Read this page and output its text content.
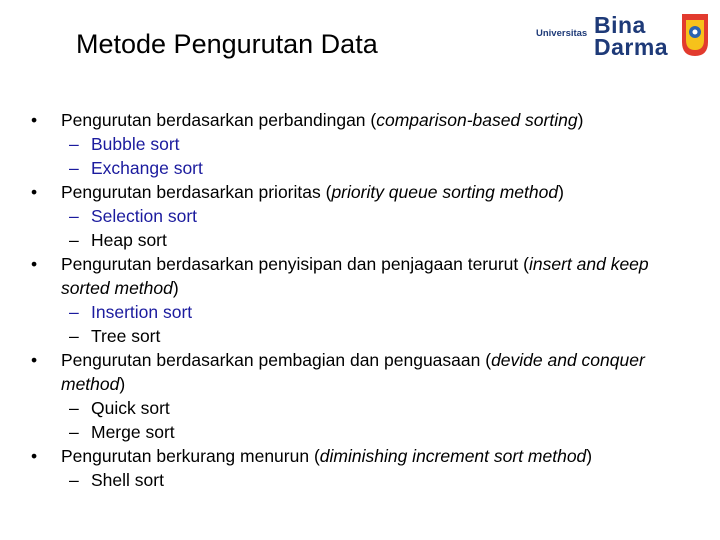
Metode Pengurutan Data	Universitas Bina
Darma
• Pengurutan berdasarkan perbandingan (comparison-based sorting)
– Bubble sort
– Exchange sort
• Pengurutan berdasarkan prioritas (priority queue sorting method)
– Selection sort
– Heap sort
• Pengurutan berdasarkan penyisipan dan penjagaan terurut (insert and keep sorted method)
– Insertion sort
– Tree sort
• Pengurutan berdasarkan pembagian dan penguasaan (devide and conquer method)
– Quick sort
– Merge sort
• Pengurutan berkurang menurun (diminishing increment sort method)
– Shell sort
